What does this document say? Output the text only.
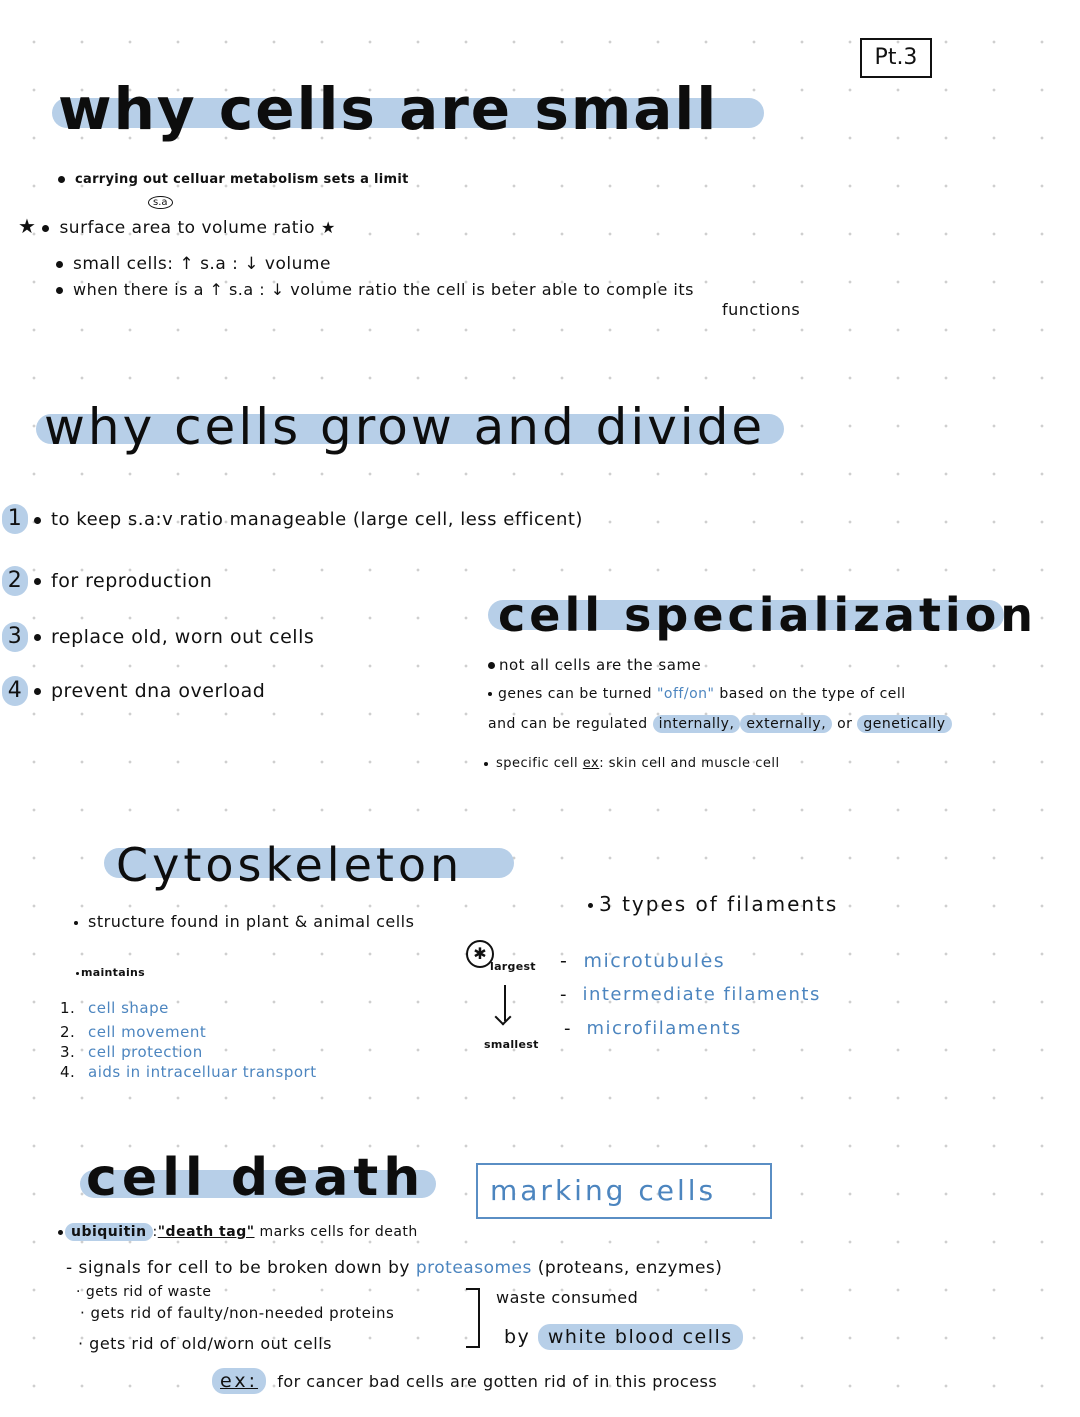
Pt.3
why cells are small
carrying out celluar metabolism sets a limit
s.a
★ surface area to volume ratio ★
small cells: ↑ s.a : ↓ volume
when there is a ↑ s.a : ↓ volume ratio the cell is beter able to comple its
functions
why cells grow and divide
1 to keep s.a:v ratio manageable (large cell, less efficent)
2 for reproduction
3 replace old, worn out cells
4 prevent dna overload
cell specialization
not all cells are the same
genes can be turned "off/on" based on the type of cell
and can be regulated internally, externally, or genetically
specific cell ex: skin cell and muscle cell
Cytoskeleton
structure found in plant & animal cells
maintains
1. cell shape
2. cell movement
3. cell protection
4. aids in intracelluar transport
3 types of filaments
✱
largest
smallest
- microtubules
- intermediate filaments
- microfilaments
cell death	marking cells
ubiquitin :"death tag" marks cells for death
- signals for cell to be broken down by proteasomes (proteans, enzymes)
· gets rid of waste
· gets rid of faulty/non-needed proteins
· gets rid of old/worn out cells
waste consumed
by white blood cells
ex: for cancer bad cells are gotten rid of in this process
